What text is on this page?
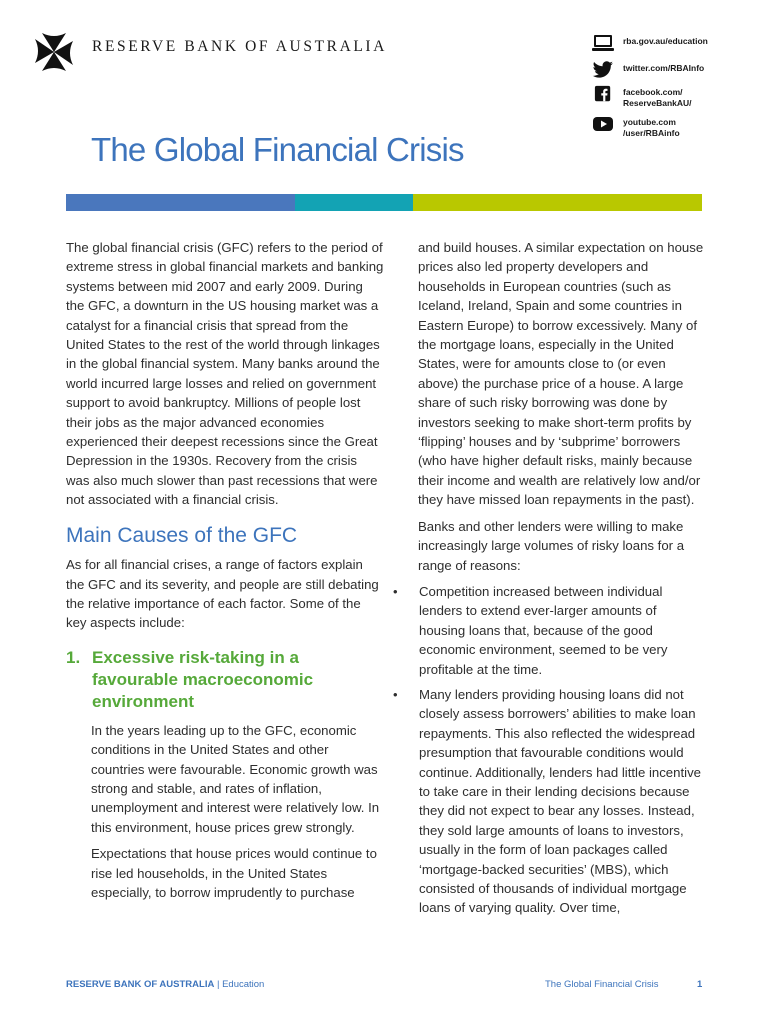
RESERVE BANK OF AUSTRALIA	rba.gov.au/education
twitter.com/RBAInfo
facebook.com/
ReserveBankAU/
youtube.com
/user/RBAinfo
The Global Financial Crisis

The global financial crisis (GFC) refers to the period of extreme stress in global financial markets and banking systems between mid 2007 and early 2009. During the GFC, a downturn in the US housing market was a catalyst for a financial crisis that spread from the United States to the rest of the world through linkages in the global financial system. Many banks around the world incurred large losses and relied on government support to avoid bankruptcy. Millions of people lost their jobs as the major advanced economies experienced their deepest recessions since the Great Depression in the 1930s. Recovery from the crisis was also much slower than past recessions that were not associated with a financial crisis.

Main Causes of the GFC

As for all financial crises, a range of factors explain the GFC and its severity, and people are still debating the relative importance of each factor. Some of the key aspects include:

1. Excessive risk-taking in a favourable macroeconomic environment

In the years leading up to the GFC, economic conditions in the United States and other countries were favourable. Economic growth was strong and stable, and rates of inflation, unemployment and interest were relatively low. In this environment, house prices grew strongly.

Expectations that house prices would continue to rise led households, in the United States especially, to borrow imprudently to purchase

and build houses. A similar expectation on house prices also led property developers and households in European countries (such as Iceland, Ireland, Spain and some countries in Eastern Europe) to borrow excessively. Many of the mortgage loans, especially in the United States, were for amounts close to (or even above) the purchase price of a house. A large share of such risky borrowing was done by investors seeking to make short-term profits by ‘flipping’ houses and by ‘subprime’ borrowers (who have higher default risks, mainly because their income and wealth are relatively low and/or they have missed loan repayments in the past).

Banks and other lenders were willing to make increasingly large volumes of risky loans for a range of reasons:

• Competition increased between individual lenders to extend ever-larger amounts of housing loans that, because of the good economic environment, seemed to be very profitable at the time.
• Many lenders providing housing loans did not closely assess borrowers’ abilities to make loan repayments. This also reflected the widespread presumption that favourable conditions would continue. Additionally, lenders had little incentive to take care in their lending decisions because they did not expect to bear any losses. Instead, they sold large amounts of loans to investors, usually in the form of loan packages called ‘mortgage-backed securities’ (MBS), which consisted of thousands of individual mortgage loans of varying quality. Over time,
RESERVE BANK OF AUSTRALIA | Education	The Global Financial Crisis	1
